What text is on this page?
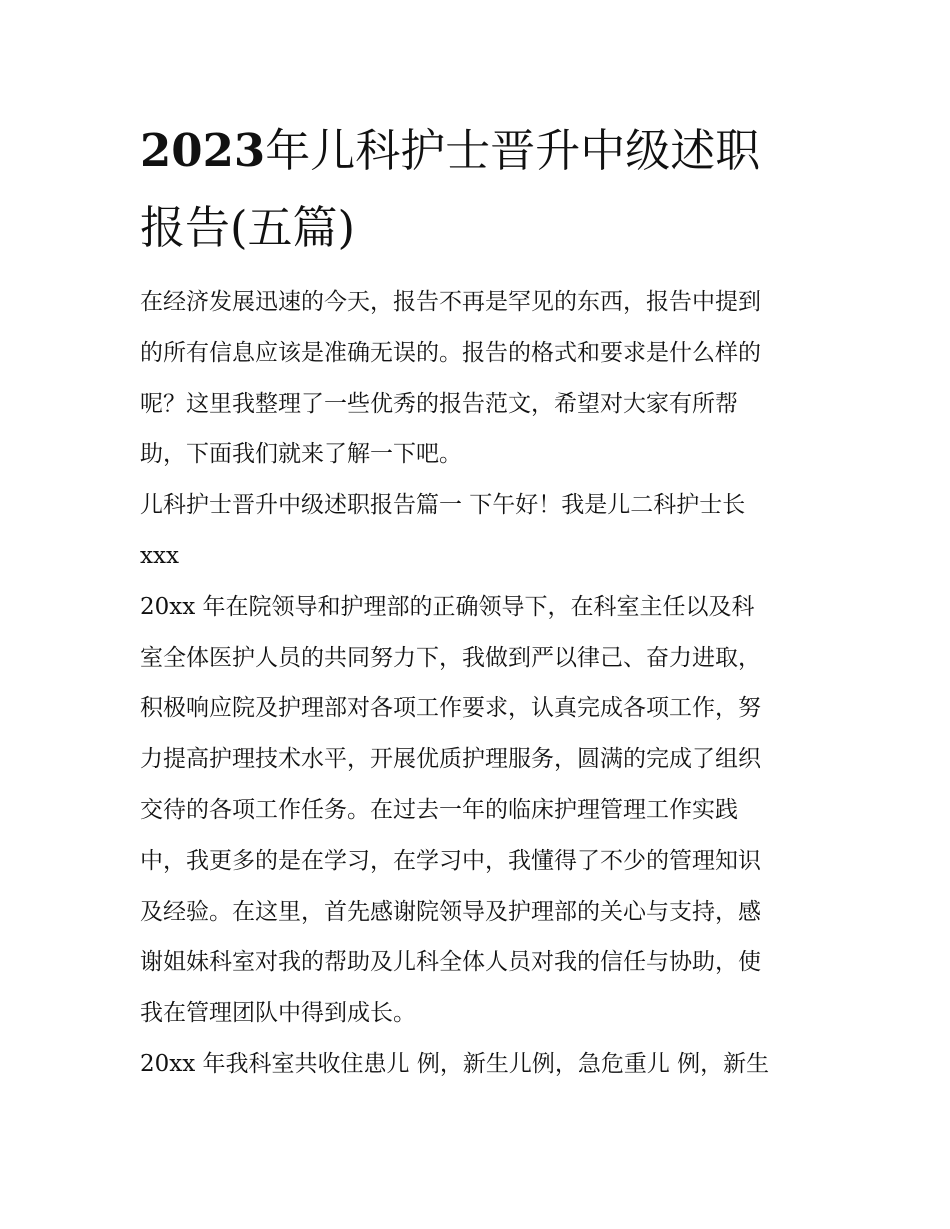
2023年儿科护士晋升中级述职
报告(五篇)
在经济发展迅速的今天，报告不再是罕见的东西，报告中提到
的所有信息应该是准确无误的。报告的格式和要求是什么样的
呢？这里我整理了一些优秀的报告范文，希望对大家有所帮
助，下面我们就来了解一下吧。
儿科护士晋升中级述职报告篇一 下午好！我是儿二科护士长
xxx
20xx 年在院领导和护理部的正确领导下，在科室主任以及科
室全体医护人员的共同努力下，我做到严以律己、奋力进取，
积极响应院及护理部对各项工作要求，认真完成各项工作，努
力提高护理技术水平，开展优质护理服务，圆满的完成了组织
交待的各项工作任务。在过去一年的临床护理管理工作实践
中，我更多的是在学习，在学习中，我懂得了不少的管理知识
及经验。在这里，首先感谢院领导及护理部的关心与支持，感
谢姐妹科室对我的帮助及儿科全体人员对我的信任与协助，使
我在管理团队中得到成长。
20xx 年我科室共收住患儿 例，新生儿例，急危重儿 例，新生
